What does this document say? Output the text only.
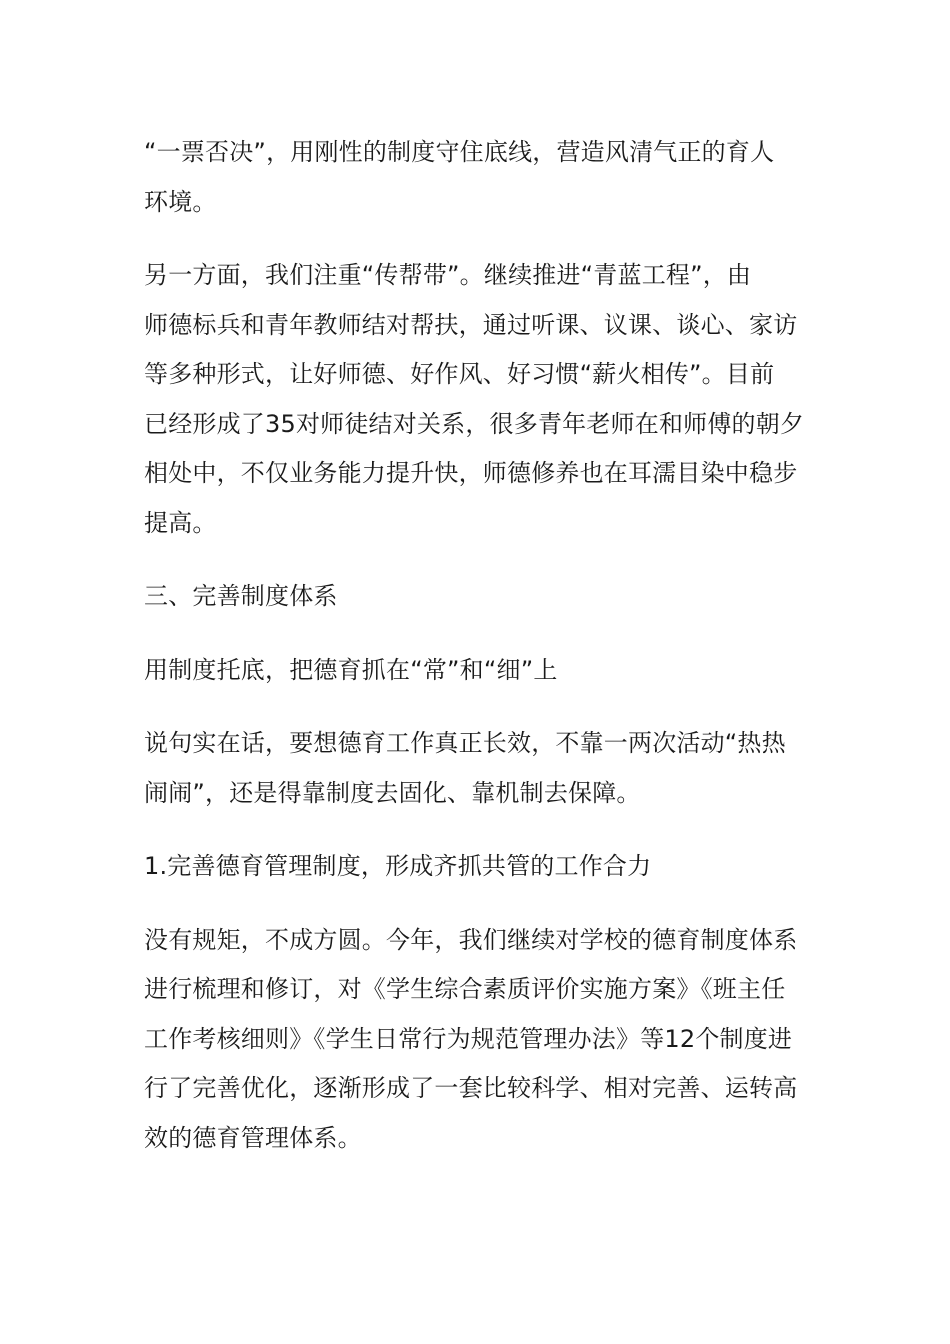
“一票否决”，用刚性的制度守住底线，营造风清气正的育人
环境。

另一方面，我们注重“传帮带”。继续推进“青蓝工程”，由
师德标兵和青年教师结对帮扶，通过听课、议课、谈心、家访
等多种形式，让好师德、好作风、好习惯“薪火相传”。目前
已经形成了35对师徒结对关系，很多青年老师在和师傅的朝夕
相处中，不仅业务能力提升快，师德修养也在耳濡目染中稳步
提高。

三、完善制度体系

用制度托底，把德育抓在“常”和“细”上

说句实在话，要想德育工作真正长效，不靠一两次活动“热热
闹闹”，还是得靠制度去固化、靠机制去保障。

1.完善德育管理制度，形成齐抓共管的工作合力

没有规矩，不成方圆。今年，我们继续对学校的德育制度体系
进行梳理和修订，对《学生综合素质评价实施方案》《班主任
工作考核细则》《学生日常行为规范管理办法》等12个制度进
行了完善优化，逐渐形成了一套比较科学、相对完善、运转高
效的德育管理体系。
